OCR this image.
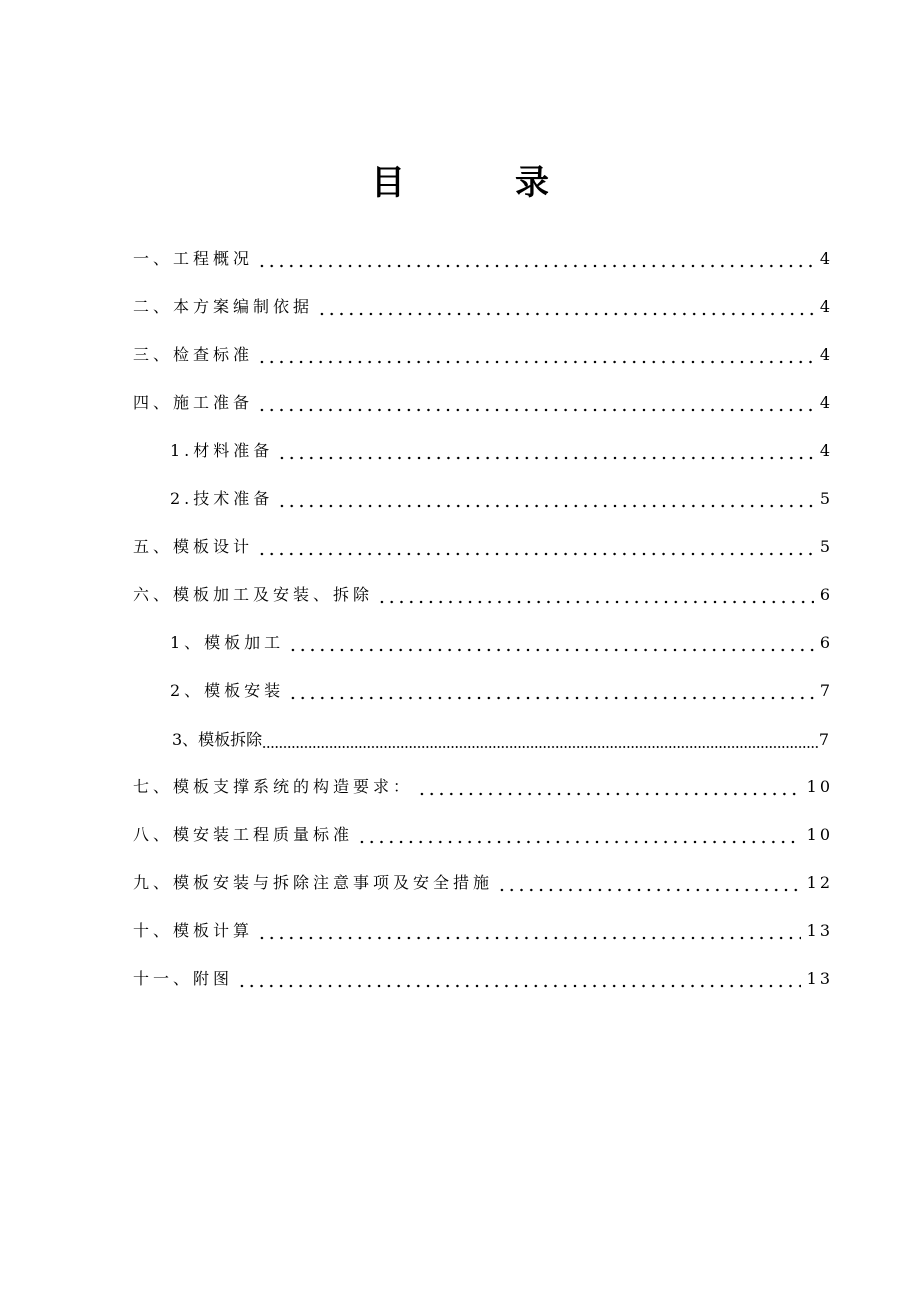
目　录
一、工程概况	4
二、本方案编制依据	4
三、检查标准	4
四、施工准备	4
1.材料准备	4
2.技术准备	5
五、模板设计	5
六、模板加工及安装、拆除	6
1、模板加工	6
2、模板安装	7
3、模板拆除	7
七、模板支撑系统的构造要求：	10
八、模安装工程质量标准	10
九、模板安装与拆除注意事项及安全措施	12
十、模板计算	13
十一、附图	13
